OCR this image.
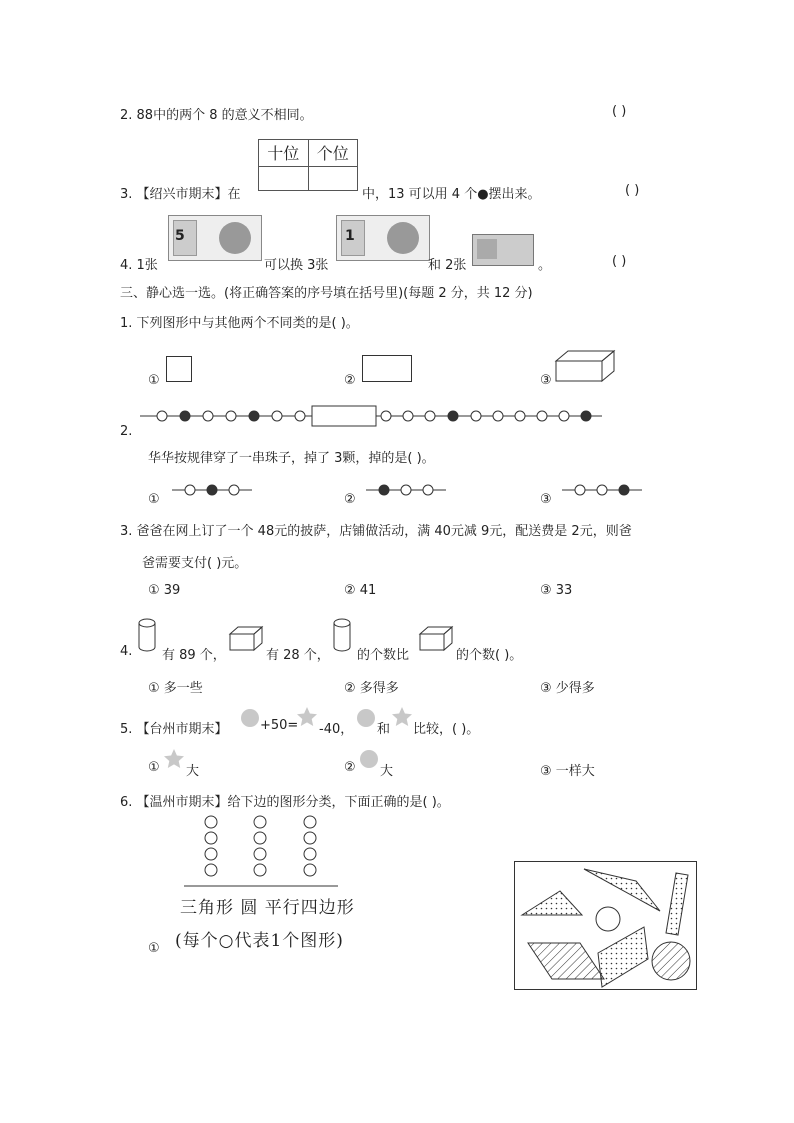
2. 88中的两个 8 的意义不相同。	( )
十位	个位

3. 【绍兴市期末】在	中，13 可以用 4 个●摆出来。	( )
4. 1张
5
可以换 3张
1
和 2张	。	( )
三、静心选一选。(将正确答案的序号填在括号里)(每题 2 分，共 12 分)
1. 下列图形中与其他两个不同类的是( )。
①	②	③
2.
华华按规律穿了一串珠子，掉了 3颗，掉的是( )。
①	②	③
3. 爸爸在网上订了一个 48元的披萨，店铺做活动，满 40元减 9元，配送费是 2元，则爸
爸需要支付( )元。
① 39	② 41	③ 33
4. 有 89 个，	有 28 个， 的个数比	的个数( )。
① 多一些	② 多得多	③ 少得多
5. 【台州市期末】 +50= -40， 和 比较，( )。
① 大	② 大	③ 一样大
6. 【温州市期末】给下边的图形分类，下面正确的是( )。
三角形 圆 平行四边形
(每个○代表1个图形)
①
